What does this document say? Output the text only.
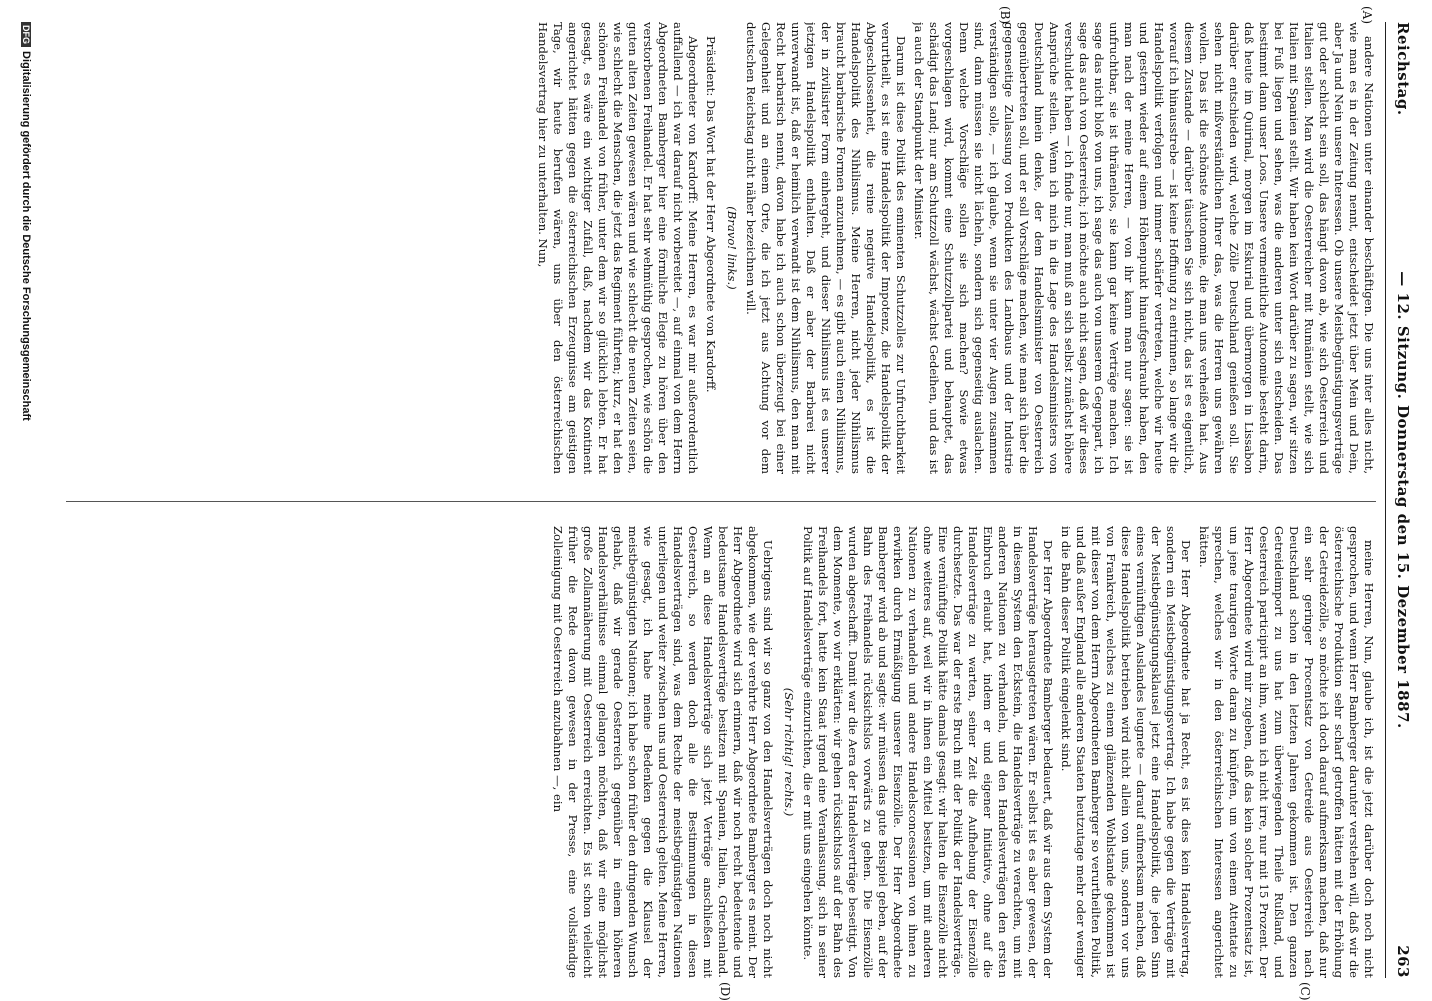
Reichstag.
— 12. Sitzung. Donnerstag den 15. Dezember 1887.
263
(A)
(B)
(C)
(D)

andere Nationen unter einander beschäftigen. Die uns inter alles nicht, wie man es in der Zeitung nennt, entscheidet jetzt über Mein und Dein, aber Ja und Nein unsere Interessen. Ob unsere Meistbegünstigungsverträge gut oder schlecht sein soll, das hängt davon ab, wie sich Oesterreich und Italien stellen. Man wird die Oesterreicher mit Rumänien stellt, wie sich Italien mit Spanien stellt. Wir haben kein Wort darüber zu sagen, wir sitzen bei Fuß liegen und sehen, was die anderen unter sich entscheiden. Das bestimmt dann unser Loos. Unsere vermeintliche Autonomie besteht darin, daß heute im Quirinal, morgen im Eskurial und übermorgen in Lissabon darüber entschieden wird, welche Zölle Deutschland genießen soll. Sie sehen nicht mißverständlichen Ihrer das, was die Herren uns gewähren wollen. Das ist die schönste Autonomie, die man uns verheißen hat. Aus diesem Zustande — darüber täuschen Sie sich nicht, das ist es eigentlich, worauf ich hinausstrebe — ist keine Hoffnung zu entrinnen, so lange wir die Handelspolitik verfolgen und immer schärfer vertreten, welche wir heute und gestern wieder auf einem Höhenpunkt hinaufgeschraubt haben, den man nach der meine Herren, — von ihr kann man nur sagen: sie ist unfruchtbar, sie ist thränenlos, sie kann gar keine Verträge machen. Ich sage das nicht bloß von uns, ich sage das auch von unserem Gegenpart, ich sage das auch von Oesterreich; ich möchte auch nicht sagen, daß wir dieses verschuldet haben — ich finde nur, man muß an sich selbst zunächst höhere Ansprüche stellen. Wenn ich mich in die Lage des Handelsministers von Deutschland hinein denke, der dem Handelsminister von Oesterreich gegenübertreten soll, und er soll Vorschläge machen, wie man sich über die gegenseitige Zulassung von Produkten des Landbaus und der Industrie verständigen solle, — ich glaube, wenn sie unter vier Augen zusammen sind, dann müssen sie nicht lächeln, sondern sich gegenseitig auslachen. Denn welche Vorschläge sollen sie sich machen? Sowie etwas vorgeschlagen wird, kommt eine Schutzzollpartei und behauptet, das schädigt das Land; nur am Schutzzoll wächst, wächst Gedeihen, und das ist ja auch der Standpunkt der Minister.

Darum ist diese Politik des eminenten Schutzzolles zur Unfruchtbarkeit verurtheilt, es ist eine Handelspolitik der Impotenz, die Handelspolitik der Abgeschlossenheit, die reine negative Handelspolitik, es ist die Handelspolitik des Nihilismus. Meine Herren, nicht jeder Nihilismus braucht barbarische Formen anzunehmen, — es gibt auch einen Nihilismus, der in zivilisirter Form einhergeht, und dieser Nihilismus ist es unserer jetzigen Handelspolitik enthalten. Daß er aber der Barbarei nicht unverwandt ist, daß er heimlich verwandt ist dem Nihilismus, den man mit Recht barbarisch nennt, davon habe ich auch schon überzeugt bei einer Gelegenheit und an einem Orte, die ich jetzt aus Achtung vor dem deutschen Reichstag nicht näher bezeichnen will.

(Bravo! links.)

Präsident: Das Wort hat der Herr Abgeordnete von Kardorff.

Abgeordneter von Kardorff: Meine Herren, es war mir außerordentlich auffallend — ich war darauf nicht vorbereitet —, auf einmal von dem Herrn Abgeordneten Bamberger hier eine förmliche Elegie zu hören über den verstorbenen Freihandel. Er hat sehr wehmüthig gesprochen, wie schön die guten alten Zeiten gewesen wären und wie schlecht die neuen Zeiten seien, wie schlecht die Menschen, die jetzt das Regiment führten; kurz, er hat den schönen Freihandel von früher, unter dem wir so glücklich lebten. Er hat gesagt, es wäre ein wichtiger Zufall, daß, nachdem wir das Kontinent angerichtet hätten gegen die österreichischen Erzeugnisse am geistigen Tage, wir heute berufen wären, uns über den österreichischen Handelsvertrag hier zu unterhalten. Nun,

meine Herren, Nun, glaube ich, ist die jetzt darüber doch noch nicht gesprochen, und wenn Herr Bamberger darunter verstehen will, daß wir die österreichische Produktion sehr scharf getroffen hätten mit der Erhöhung der Getreidezölle, so möchte ich doch darauf aufmerksam machen, daß nur ein sehr geringer Procentsatz von Getreide aus Oesterreich nach Deutschland schon in den letzten Jahren gekommen ist. Den ganzen Getreideimport zu uns hat zum überwiegenden Theile Rußland, und Oesterreich participirt an ihm, wenn ich nicht irre, nur mit 15 Prozent. Der Herr Abgeordnete wird mir zugeben, daß das kein solcher Prozentsatz ist, um jene traurigen Worte daran zu knüpfen, um von einem Attentate zu sprechen, welches wir in den österreichischen Interessen angerichtet hätten.

Der Herr Abgeordnete hat ja Recht, es ist dies kein Handelsvertrag, sondern ein Meistbegünstigungsvertrag. Ich habe gegen die Verträge mit der Meistbegünstigungsklausel jetzt eine Handelspolitik, die jeden Sinn eines vernünftigen Auslandes leugnete — darauf aufmerksam machen, daß diese Handelspolitik betrieben wird nicht allein von uns, sondern vor uns von Frankreich, welches zu einem glänzenden Wohlstande gekommen ist mit dieser von dem Herrn Abgeordneten Bamberger so verurtheilten Politik, und daß außer England alle anderen Staaten heutzutage mehr oder weniger in die Bahn dieser Politik eingelenkt sind.

Der Herr Abgeordnete Bamberger bedauert, daß wir aus dem System der Handelsverträge herausgetreten wären. Er selbst ist es aber gewesen, der in diesem System den Eckstein, die Handelsverträge zu verachten, um mit anderen Nationen zu verhandeln, und den Handelsverträgen den ersten Einbruch erlaubt hat, indem er und eigener Initiative, ohne auf die Handelsverträge zu warten, seiner Zeit die Aufhebung der Eisenzölle durchsetzte. Das war der erste Bruch mit der Politik der Handelsverträge. Eine vernünftige Politik hätte damals gesagt: wir halten die Eisenzölle nicht ohne weiteres auf, weil wir in ihnen ein Mittel besitzen, um mit anderen Nationen zu verhandeln und andere Handelsconcessionen von ihnen zu erwirken durch Ermäßigung unserer Eisenzölle. Der Herr Abgeordnete Bamberger wird ab und sagte: wir müssen das gute Beispiel geben, auf der Bahn des Freihandels rücksichtslos vorwärts zu gehen. Die Eisenzölle wurden abgeschafft. Damit war die Aera der Handelsverträge beseitigt. Von dem Momente, wo wir erklärten: wir gehen rücksichtslos auf der Bahn des Freihandels fort, hatte kein Staat irgend eine Veranlassung, sich in seiner Politik auf Handelsverträge einzurichten, die er mit uns eingehen könnte.

(Sehr richtig! rechts.)

Uebrigens sind wir so ganz von den Handelsverträgen doch noch nicht abgekommen, wie der verehrte Herr Abgeordnete Bamberger es meint. Der Herr Abgeordnete wird sich erinnern, daß wir noch recht bedeutende und bedeutsame Handelsverträge besitzen mit Spanien, Italien, Griechenland. Wenn an diese Handelsverträge sich jetzt Verträge anschließen mit Oesterreich, so werden doch alle die Bestimmungen in diesen Handelsverträgen sind, was dem Rechte der meistbegünstigten Nationen unterliegen und weiter zwischen uns und Oesterreich gelten. Meine Herren, wie gesagt, ich habe meine Bedenken gegen die Klausel der meistbegünstigten Nationen; ich habe schon früher den dringenden Wunsch gehabt, daß wir gerade Oesterreich gegenüber in einem höheren Handelsverhältnisse einmal gelangen möchten, daß wir eine möglichst große Zollannäherung mit Oesterreich erreichten. Es ist schon vielleicht früher die Rede davon gewesen in der Presse, eine vollständige Zolleinigung mit Oesterreich anzubahnen —, ein

DFGDigitalisierung gefördert durch die Deutsche Forschungsgemeinschaft
